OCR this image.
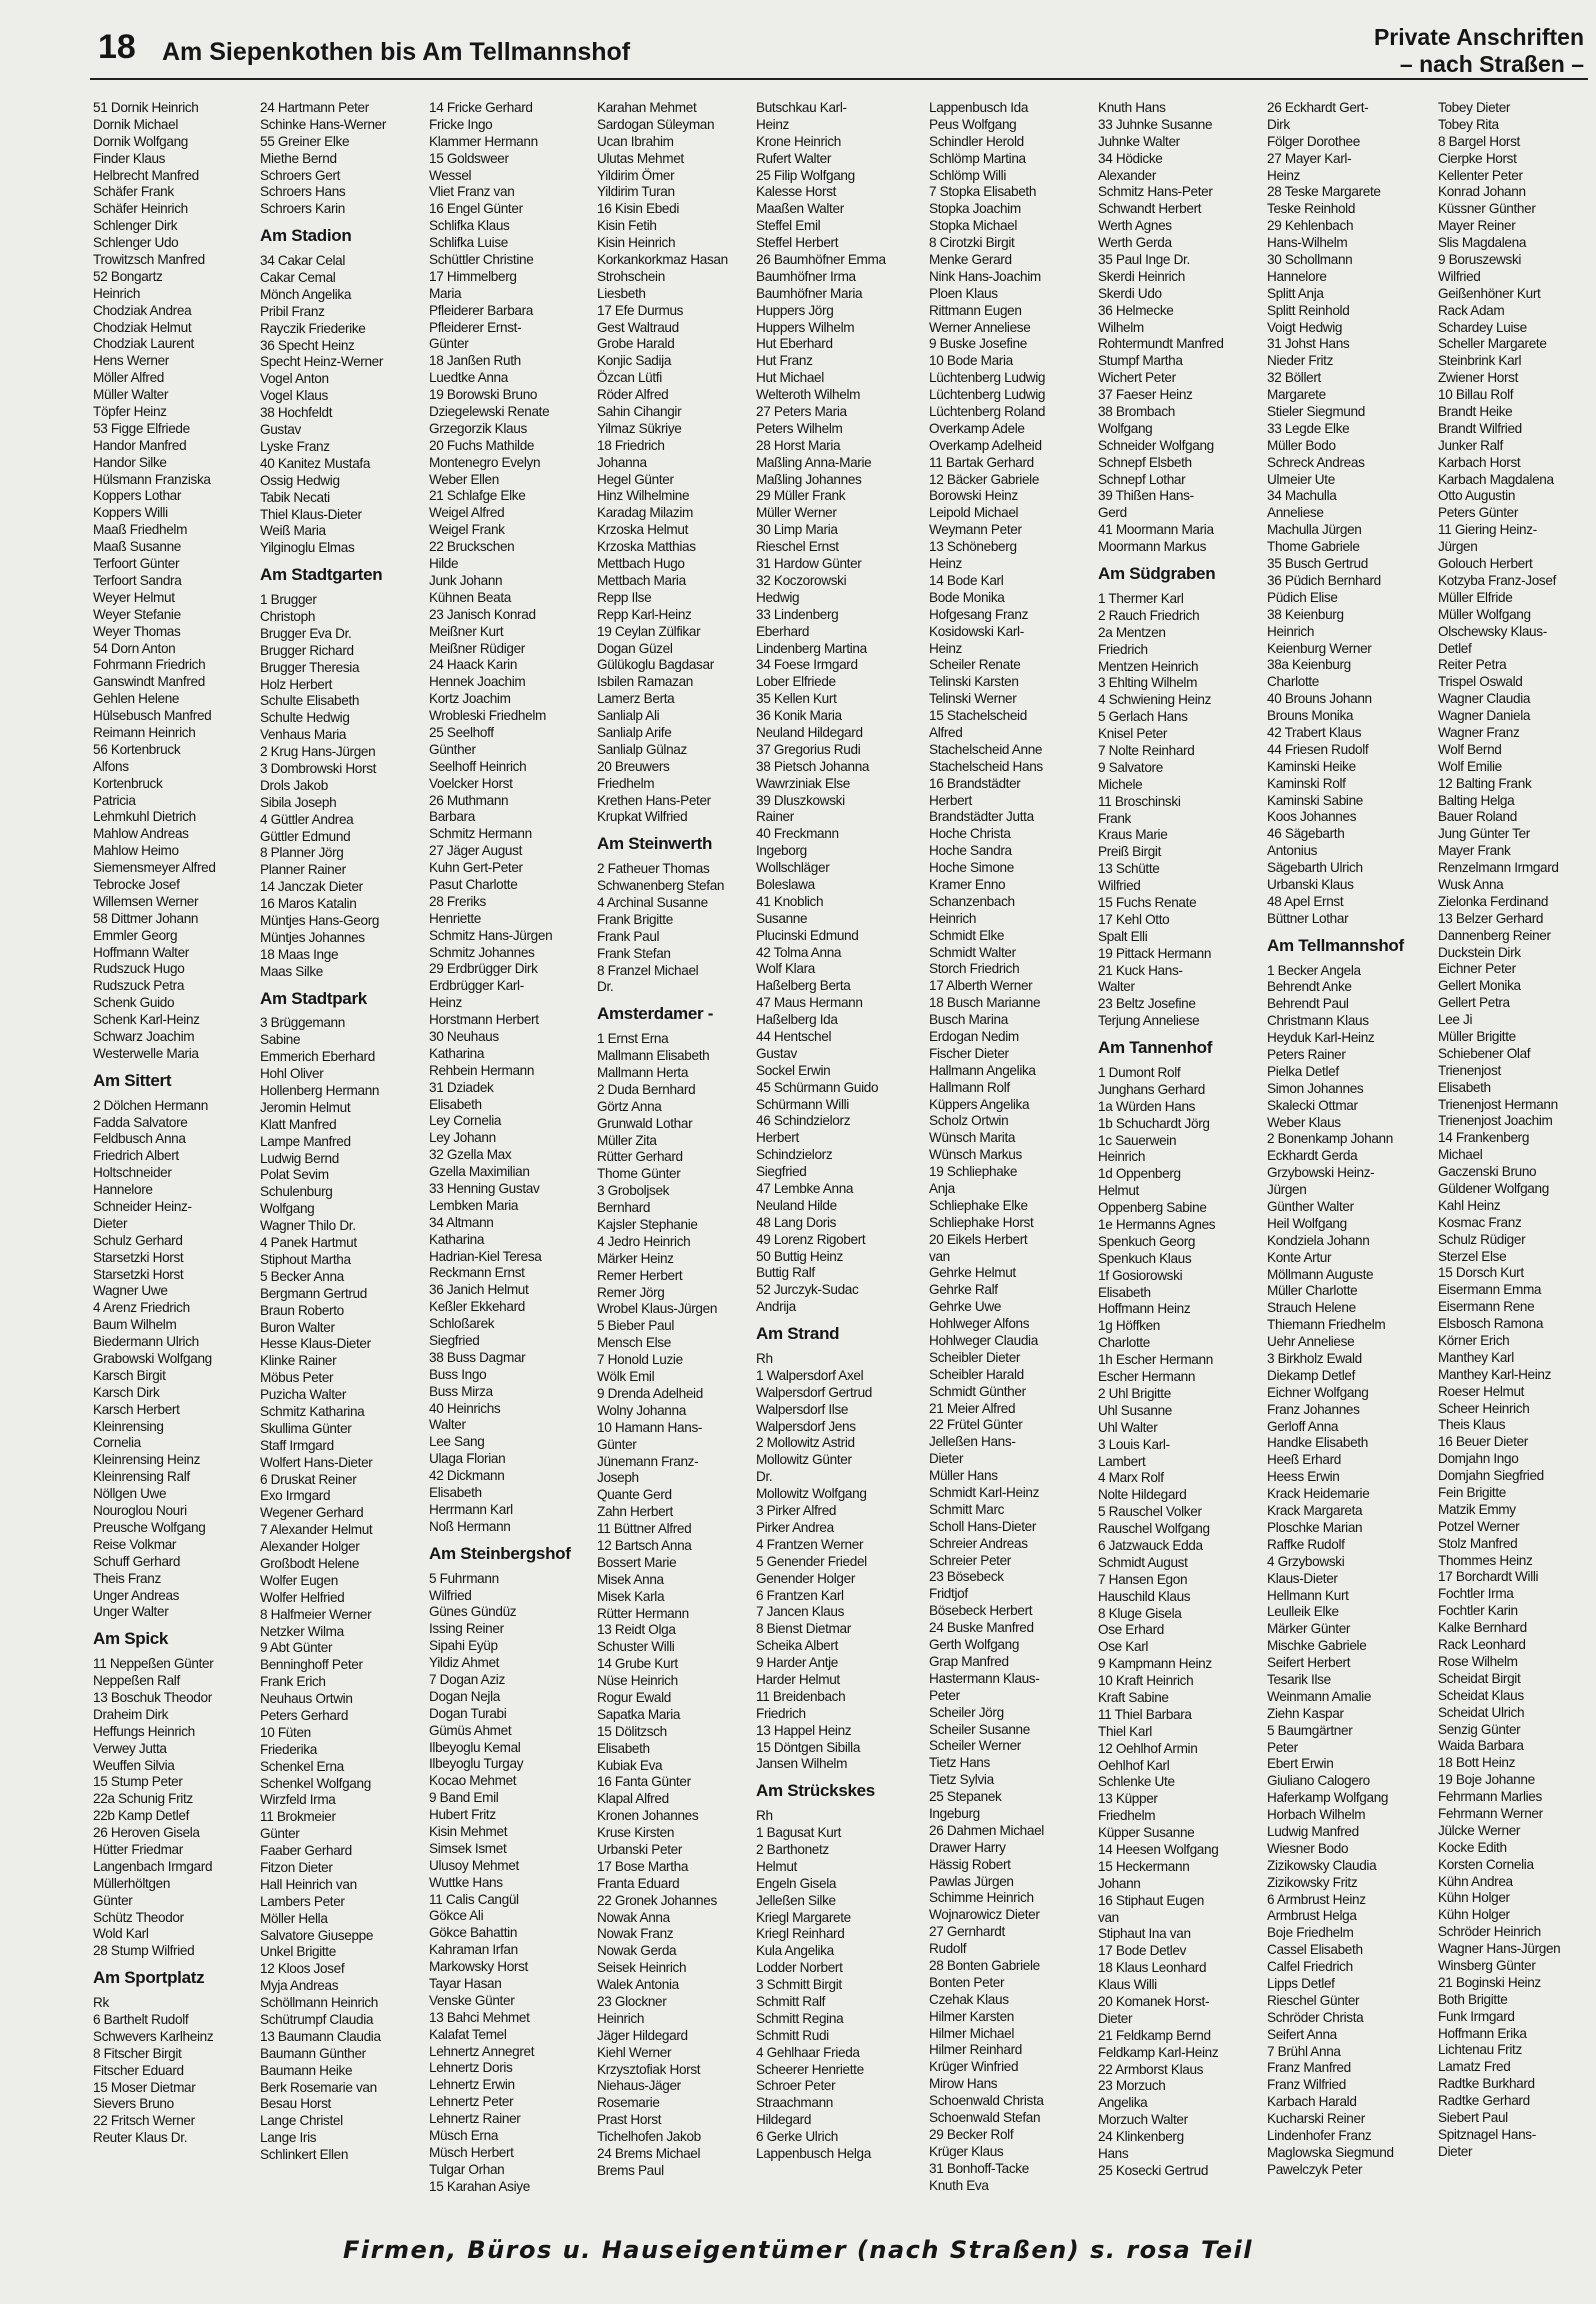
18 Am Siepenkothen bis Am Tellmannshof
Private Anschriften
– nach Straßen –
51 Dornik Heinrich
Dornik Michael
Dornik Wolfgang
Finder Klaus
Helbrecht Manfred
Schäfer Frank
Schäfer Heinrich
Schlenger Dirk
Schlenger Udo
Trowitzsch Manfred
52 Bongartz
Heinrich
Chodziak Andrea
Chodziak Helmut
Chodziak Laurent
Hens Werner
Möller Alfred
Müller Walter
Töpfer Heinz
53 Figge Elfriede
Handor Manfred
Handor Silke
Hülsmann Franziska
Koppers Lothar
Koppers Willi
Maaß Friedhelm
Maaß Susanne
Terfoort Günter
Terfoort Sandra
Weyer Helmut
Weyer Stefanie
Weyer Thomas
54 Dorn Anton
Fohrmann Friedrich
Ganswindt Manfred
Gehlen Helene
Hülsebusch Manfred
Reimann Heinrich
56 Kortenbruck
Alfons
Kortenbruck
Patricia
Lehmkuhl Dietrich
Mahlow Andreas
Mahlow Heimo
Siemensmeyer Alfred
Tebrocke Josef
Willemsen Werner
58 Dittmer Johann
Emmler Georg
Hoffmann Walter
Rudszuck Hugo
Rudszuck Petra
Schenk Guido
Schenk Karl-Heinz
Schwarz Joachim
Westerwelle Maria
Am Sittert
2 Dölchen Hermann
Fadda Salvatore
Feldbusch Anna
Friedrich Albert
Holtschneider
Hannelore
Schneider Heinz-
Dieter
Schulz Gerhard
Starsetzki Horst
Starsetzki Horst
Wagner Uwe
4 Arenz Friedrich
Baum Wilhelm
Biedermann Ulrich
Grabowski Wolfgang
Karsch Birgit
Karsch Dirk
Karsch Herbert
Kleinrensing
Cornelia
Kleinrensing Heinz
Kleinrensing Ralf
Nöllgen Uwe
Nouroglou Nouri
Preusche Wolfgang
Reise Volkmar
Schuff Gerhard
Theis Franz
Unger Andreas
Unger Walter
Am Spick
11 Neppeßen Günter
Neppeßen Ralf
13 Boschuk Theodor
Draheim Dirk
Heffungs Heinrich
Verwey Jutta
Weuffen Silvia
15 Stump Peter
22a Schunig Fritz
22b Kamp Detlef
26 Heroven Gisela
Hütter Friedmar
Langenbach Irmgard
Müllerhöltgen
Günter
Schütz Theodor
Wold Karl
28 Stump Wilfried
Am Sportplatz
Rk
6 Barthelt Rudolf
Schwevers Karlheinz
8 Fitscher Birgit
Fitscher Eduard
15 Moser Dietmar
Sievers Bruno
22 Fritsch Werner
Reuter Klaus Dr.
24 Hartmann Peter
Schinke Hans-Werner
55 Greiner Elke
Miethe Bernd
Schroers Gert
Schroers Hans
Schroers Karin
Am Stadion
34 Cakar Celal
Cakar Cemal
Mönch Angelika
Pribil Franz
Rayczik Friederike
36 Specht Heinz
Specht Heinz-Werner
Vogel Anton
Vogel Klaus
38 Hochfeldt
Gustav
Lyske Franz
40 Kanitez Mustafa
Ossig Hedwig
Tabik Necati
Thiel Klaus-Dieter
Weiß Maria
Yilginoglu Elmas
Am Stadtgarten
1 Brugger
Christoph
Brugger Eva Dr.
Brugger Richard
Brugger Theresia
Holz Herbert
Schulte Elisabeth
Schulte Hedwig
Venhaus Maria
2 Krug Hans-Jürgen
3 Dombrowski Horst
Drols Jakob
Sibila Joseph
4 Güttler Andrea
Güttler Edmund
8 Planner Jörg
Planner Rainer
14 Janczak Dieter
16 Maros Katalin
Müntjes Hans-Georg
Müntjes Johannes
18 Maas Inge
Maas Silke
Am Stadtpark
3 Brüggemann
Sabine
Emmerich Eberhard
Hohl Oliver
Hollenberg Hermann
Jeromin Helmut
Klatt Manfred
Lampe Manfred
Ludwig Bernd
Polat Sevim
Schulenburg
Wolfgang
Wagner Thilo Dr.
4 Panek Hartmut
Stiphout Martha
5 Becker Anna
Bergmann Gertrud
Braun Roberto
Buron Walter
Hesse Klaus-Dieter
Klinke Rainer
Möbus Peter
Puzicha Walter
Schmitz Katharina
Skullima Günter
Staff Irmgard
Wolfert Hans-Dieter
6 Druskat Reiner
Exo Irmgard
Wegener Gerhard
7 Alexander Helmut
Alexander Holger
Großbodt Helene
Wolfer Eugen
Wolfer Helfried
8 Halfmeier Werner
Netzker Wilma
9 Abt Günter
Benninghoff Peter
Frank Erich
Neuhaus Ortwin
Peters Gerhard
10 Füten
Friederika
Schenkel Erna
Schenkel Wolfgang
Wirzfeld Irma
11 Brokmeier
Günter
Faaber Gerhard
Fitzon Dieter
Hall Heinrich van
Lambers Peter
Möller Hella
Salvatore Giuseppe
Unkel Brigitte
12 Kloos Josef
Myja Andreas
Schöllmann Heinrich
Schütrumpf Claudia
13 Baumann Claudia
Baumann Günther
Baumann Heike
Berk Rosemarie van
Besau Horst
Lange Christel
Lange Iris
Schlinkert Ellen
14 Fricke Gerhard
Fricke Ingo
Klammer Hermann
15 Goldsweer
Wessel
Vliet Franz van
16 Engel Günter
Schlifka Klaus
Schlifka Luise
Schüttler Christine
17 Himmelberg
Maria
Pfleiderer Barbara
Pfleiderer Ernst-
Günter
18 Janßen Ruth
Luedtke Anna
19 Borowski Bruno
Dziegelewski Renate
Grzegorzik Klaus
20 Fuchs Mathilde
Montenegro Evelyn
Weber Ellen
21 Schlafge Elke
Weigel Alfred
Weigel Frank
22 Bruckschen
Hilde
Junk Johann
Kühnen Beata
23 Janisch Konrad
Meißner Kurt
Meißner Rüdiger
24 Haack Karin
Hennek Joachim
Kortz Joachim
Wrobleski Friedhelm
25 Seelhoff
Günther
Seelhoff Heinrich
Voelcker Horst
26 Muthmann
Barbara
Schmitz Hermann
27 Jäger August
Kuhn Gert-Peter
Pasut Charlotte
28 Freriks
Henriette
Schmitz Hans-Jürgen
Schmitz Johannes
29 Erdbrügger Dirk
Erdbrügger Karl-
Heinz
Horstmann Herbert
30 Neuhaus
Katharina
Rehbein Hermann
31 Dziadek
Elisabeth
Ley Cornelia
Ley Johann
32 Gzella Max
Gzella Maximilian
33 Henning Gustav
Lembken Maria
34 Altmann
Katharina
Hadrian-Kiel Teresa
Reckmann Ernst
36 Janich Helmut
Keßler Ekkehard
Schloßarek
Siegfried
38 Buss Dagmar
Buss Ingo
Buss Mirza
40 Heinrichs
Walter
Lee Sang
Ulaga Florian
42 Dickmann
Elisabeth
Herrmann Karl
Noß Hermann
Am Steinbergshof
5 Fuhrmann
Wilfried
Günes Gündüz
Issing Reiner
Sipahi Eyüp
Yildiz Ahmet
7 Dogan Aziz
Dogan Nejla
Dogan Turabi
Gümüs Ahmet
Ilbeyoglu Kemal
Ilbeyoglu Turgay
Kocao Mehmet
9 Band Emil
Hubert Fritz
Kisin Mehmet
Simsek Ismet
Ulusoy Mehmet
Wuttke Hans
11 Calis Cangül
Gökce Ali
Gökce Bahattin
Kahraman Irfan
Markowsky Horst
Tayar Hasan
Venske Günter
13 Bahci Mehmet
Kalafat Temel
Lehnertz Annegret
Lehnertz Doris
Lehnertz Erwin
Lehnertz Peter
Lehnertz Rainer
Müsch Erna
Müsch Herbert
Tulgar Orhan
15 Karahan Asiye
Karahan Mehmet
Sardogan Süleyman
Ucan Ibrahim
Ulutas Mehmet
Yildirim Ömer
Yildirim Turan
16 Kisin Ebedi
Kisin Fetih
Kisin Heinrich
Korkankorkmaz Hasan
Strohschein
Liesbeth
17 Efe Durmus
Gest Waltraud
Grobe Harald
Konjic Sadija
Özcan Lütfi
Röder Alfred
Sahin Cihangir
Yilmaz Sükriye
18 Friedrich
Johanna
Hegel Günter
Hinz Wilhelmine
Karadag Milazim
Krzoska Helmut
Krzoska Matthias
Mettbach Hugo
Mettbach Maria
Repp Ilse
Repp Karl-Heinz
19 Ceylan Zülfikar
Dogan Güzel
Gülükoglu Bagdasar
Isbilen Ramazan
Lamerz Berta
Sanlialp Ali
Sanlialp Arife
Sanlialp Gülnaz
20 Breuwers
Friedhelm
Krethen Hans-Peter
Krupkat Wilfried
Am Steinwerth
2 Fatheuer Thomas
Schwanenberg Stefan
4 Archinal Susanne
Frank Brigitte
Frank Paul
Frank Stefan
8 Franzel Michael
Dr.
Amsterdamer -
1 Ernst Erna
Mallmann Elisabeth
Mallmann Herta
2 Duda Bernhard
Görtz Anna
Grunwald Lothar
Müller Zita
Rütter Gerhard
Thome Günter
3 Groboljsek
Bernhard
Kajsler Stephanie
4 Jedro Heinrich
Märker Heinz
Remer Herbert
Remer Jörg
Wrobel Klaus-Jürgen
5 Bieber Paul
Mensch Else
7 Honold Luzie
Wölk Emil
9 Drenda Adelheid
Wolny Johanna
10 Hamann Hans-
Günter
Jünemann Franz-
Joseph
Quante Gerd
Zahn Herbert
11 Büttner Alfred
12 Bartsch Anna
Bossert Marie
Misek Anna
Misek Karla
Rütter Hermann
13 Reidt Olga
Schuster Willi
14 Grube Kurt
Nüse Heinrich
Rogur Ewald
Sapatka Maria
15 Dölitzsch
Elisabeth
Kubiak Eva
16 Fanta Günter
Klapal Alfred
Kronen Johannes
Kruse Kirsten
Urbanski Peter
17 Bose Martha
Franta Eduard
22 Gronek Johannes
Nowak Anna
Nowak Franz
Nowak Gerda
Seisek Heinrich
Walek Antonia
23 Glockner
Heinrich
Jäger Hildegard
Kiehl Werner
Krzysztofiak Horst
Niehaus-Jäger
Rosemarie
Prast Horst
Tichelhofen Jakob
24 Brems Michael
Brems Paul
Butschkau Karl-
Heinz
Krone Heinrich
Rufert Walter
25 Filip Wolfgang
Kalesse Horst
Maaßen Walter
Steffel Emil
Steffel Herbert
26 Baumhöfner Emma
Baumhöfner Irma
Baumhöfner Maria
Huppers Jörg
Huppers Wilhelm
Hut Eberhard
Hut Franz
Hut Michael
Welteroth Wilhelm
27 Peters Maria
Peters Wilhelm
28 Horst Maria
Maßling Anna-Marie
Maßling Johannes
29 Müller Frank
Müller Werner
30 Limp Maria
Rieschel Ernst
31 Hardow Günter
32 Koczorowski
Hedwig
33 Lindenberg
Eberhard
Lindenberg Martina
34 Foese Irmgard
Lober Elfriede
35 Kellen Kurt
36 Konik Maria
Neuland Hildegard
37 Gregorius Rudi
38 Pietsch Johanna
Wawrziniak Else
39 Dluszkowski
Rainer
40 Freckmann
Ingeborg
Wollschläger
Boleslawa
41 Knoblich
Susanne
Plucinski Edmund
42 Tolma Anna
Wolf Klara
Haßelberg Berta
47 Maus Hermann
Haßelberg Ida
44 Hentschel
Gustav
Sockel Erwin
45 Schürmann Guido
Schürmann Willi
46 Schindzielorz
Herbert
Schindzielorz
Siegfried
47 Lembke Anna
Neuland Hilde
48 Lang Doris
49 Lorenz Rigobert
50 Buttig Heinz
Buttig Ralf
52 Jurczyk-Sudac
Andrija
Am Strand
Rh
1 Walpersdorf Axel
Walpersdorf Gertrud
Walpersdorf Ilse
Walpersdorf Jens
2 Mollowitz Astrid
Mollowitz Günter
Dr.
Mollowitz Wolfgang
3 Pirker Alfred
Pirker Andrea
4 Frantzen Werner
5 Genender Friedel
Genender Holger
6 Frantzen Karl
7 Jancen Klaus
8 Bienst Dietmar
Scheika Albert
9 Harder Antje
Harder Helmut
11 Breidenbach
Friedrich
13 Happel Heinz
15 Döntgen Sibilla
Jansen Wilhelm
Am Strückskes
Rh
1 Bagusat Kurt
2 Barthonetz
Helmut
Engeln Gisela
Jelleßen Silke
Kriegl Margarete
Kriegl Reinhard
Kula Angelika
Lodder Norbert
3 Schmitt Birgit
Schmitt Ralf
Schmitt Regina
Schmitt Rudi
4 Gehlhaar Frieda
Scheerer Henriette
Schroer Peter
Straachmann
Hildegard
6 Gerke Ulrich
Lappenbusch Helga
Lappenbusch Ida
Peus Wolfgang
Schindler Herold
Schlömp Martina
Schlömp Willi
7 Stopka Elisabeth
Stopka Joachim
Stopka Michael
8 Cirotzki Birgit
Menke Gerard
Nink Hans-Joachim
Ploen Klaus
Rittmann Eugen
Werner Anneliese
9 Buske Josefine
10 Bode Maria
Lüchtenberg Ludwig
Lüchtenberg Ludwig
Lüchtenberg Roland
Overkamp Adele
Overkamp Adelheid
11 Bartak Gerhard
12 Bäcker Gabriele
Borowski Heinz
Leipold Michael
Weymann Peter
13 Schöneberg
Heinz
14 Bode Karl
Bode Monika
Hofgesang Franz
Kosidowski Karl-
Heinz
Scheiler Renate
Telinski Karsten
Telinski Werner
15 Stachelscheid
Alfred
Stachelscheid Anne
Stachelscheid Hans
16 Brandstädter
Herbert
Brandstädter Jutta
Hoche Christa
Hoche Sandra
Hoche Simone
Kramer Enno
Schanzenbach
Heinrich
Schmidt Elke
Schmidt Walter
Storch Friedrich
17 Alberth Werner
18 Busch Marianne
Busch Marina
Erdogan Nedim
Fischer Dieter
Hallmann Angelika
Hallmann Rolf
Küppers Angelika
Scholz Ortwin
Wünsch Marita
Wünsch Markus
19 Schliephake
Anja
Schliephake Elke
Schliephake Horst
20 Eikels Herbert
van
Gehrke Helmut
Gehrke Ralf
Gehrke Uwe
Hohlweger Alfons
Hohlweger Claudia
Scheibler Dieter
Scheibler Harald
Schmidt Günther
21 Meier Alfred
22 Frütel Günter
Jelleßen Hans-
Dieter
Müller Hans
Schmidt Karl-Heinz
Schmitt Marc
Scholl Hans-Dieter
Schreier Andreas
Schreier Peter
23 Bösebeck
Fridtjof
Bösebeck Herbert
24 Buske Manfred
Gerth Wolfgang
Grap Manfred
Hastermann Klaus-
Peter
Scheiler Jörg
Scheiler Susanne
Scheiler Werner
Tietz Hans
Tietz Sylvia
25 Stepanek
Ingeburg
26 Dahmen Michael
Drawer Harry
Hässig Robert
Pawlas Jürgen
Schimme Heinrich
Wojnarowicz Dieter
27 Gernhardt
Rudolf
28 Bonten Gabriele
Bonten Peter
Czehak Klaus
Hilmer Karsten
Hilmer Michael
Hilmer Reinhard
Krüger Winfried
Mirow Hans
Schoenwald Christa
Schoenwald Stefan
29 Becker Rolf
Krüger Klaus
31 Bonhoff-Tacke
Knuth Eva
Knuth Hans
33 Juhnke Susanne
Juhnke Walter
34 Hödicke
Alexander
Schmitz Hans-Peter
Schwandt Herbert
Werth Agnes
Werth Gerda
35 Paul Inge Dr.
Skerdi Heinrich
Skerdi Udo
36 Helmecke
Wilhelm
Rohtermundt Manfred
Stumpf Martha
Wichert Peter
37 Faeser Heinz
38 Brombach
Wolfgang
Schneider Wolfgang
Schnepf Elsbeth
Schnepf Lothar
39 Thißen Hans-
Gerd
41 Moormann Maria
Moormann Markus
Am Südgraben
1 Thermer Karl
2 Rauch Friedrich
2a Mentzen
Friedrich
Mentzen Heinrich
3 Ehlting Wilhelm
4 Schwiening Heinz
5 Gerlach Hans
Knisel Peter
7 Nolte Reinhard
9 Salvatore
Michele
11 Broschinski
Frank
Kraus Marie
Preiß Birgit
13 Schütte
Wilfried
15 Fuchs Renate
17 Kehl Otto
Spalt Elli
19 Pittack Hermann
21 Kuck Hans-
Walter
23 Beltz Josefine
Terjung Anneliese
Am Tannenhof
1 Dumont Rolf
Junghans Gerhard
1a Würden Hans
1b Schuchardt Jörg
1c Sauerwein
Heinrich
1d Oppenberg
Helmut
Oppenberg Sabine
1e Hermanns Agnes
Spenkuch Georg
Spenkuch Klaus
1f Gosiorowski
Elisabeth
Hoffmann Heinz
1g Höffken
Charlotte
1h Escher Hermann
Escher Hermann
2 Uhl Brigitte
Uhl Susanne
Uhl Walter
3 Louis Karl-
Lambert
4 Marx Rolf
Nolte Hildegard
5 Rauschel Volker
Rauschel Wolfgang
6 Jatzwauck Edda
Schmidt August
7 Hansen Egon
Hauschild Klaus
8 Kluge Gisela
Ose Erhard
Ose Karl
9 Kampmann Heinz
10 Kraft Heinrich
Kraft Sabine
11 Thiel Barbara
Thiel Karl
12 Oehlhof Armin
Oehlhof Karl
Schlenke Ute
13 Küpper
Friedhelm
Küpper Susanne
14 Heesen Wolfgang
15 Heckermann
Johann
16 Stiphaut Eugen
van
Stiphaut Ina van
17 Bode Detlev
18 Klaus Leonhard
Klaus Willi
20 Komanek Horst-
Dieter
21 Feldkamp Bernd
Feldkamp Karl-Heinz
22 Armborst Klaus
23 Morzuch
Angelika
Morzuch Walter
24 Klinkenberg
Hans
25 Kosecki Gertrud
26 Eckhardt Gert-
Dirk
Fölger Dorothee
27 Mayer Karl-
Heinz
28 Teske Margarete
Teske Reinhold
29 Kehlenbach
Hans-Wilhelm
30 Schollmann
Hannelore
Splitt Anja
Splitt Reinhold
Voigt Hedwig
31 Johst Hans
Nieder Fritz
32 Böllert
Margarete
Stieler Siegmund
33 Legde Elke
Müller Bodo
Schreck Andreas
Ulmeier Ute
34 Machulla
Anneliese
Machulla Jürgen
Thome Gabriele
35 Busch Gertrud
36 Püdich Bernhard
Püdich Elise
38 Keienburg
Heinrich
Keienburg Werner
38a Keienburg
Charlotte
40 Brouns Johann
Brouns Monika
42 Trabert Klaus
44 Friesen Rudolf
Kaminski Heike
Kaminski Rolf
Kaminski Sabine
Koos Johannes
46 Sägebarth
Antonius
Sägebarth Ulrich
Urbanski Klaus
48 Apel Ernst
Büttner Lothar
Am Tellmannshof
1 Becker Angela
Behrendt Anke
Behrendt Paul
Christmann Klaus
Heyduk Karl-Heinz
Peters Rainer
Pielka Detlef
Simon Johannes
Skalecki Ottmar
Weber Klaus
2 Bonenkamp Johann
Eckhardt Gerda
Grzybowski Heinz-
Jürgen
Günther Walter
Heil Wolfgang
Kondziela Johann
Konte Artur
Möllmann Auguste
Müller Charlotte
Strauch Helene
Thiemann Friedhelm
Uehr Anneliese
3 Birkholz Ewald
Diekamp Detlef
Eichner Wolfgang
Franz Johannes
Gerloff Anna
Handke Elisabeth
Heeß Erhard
Heess Erwin
Krack Heidemarie
Krack Margareta
Ploschke Marian
Raffke Rudolf
4 Grzybowski
Klaus-Dieter
Hellmann Kurt
Leulleik Elke
Märker Günter
Mischke Gabriele
Seifert Herbert
Tesarik Ilse
Weinmann Amalie
Ziehn Kaspar
5 Baumgärtner
Peter
Ebert Erwin
Giuliano Calogero
Haferkamp Wolfgang
Horbach Wilhelm
Ludwig Manfred
Wiesner Bodo
Zizikowsky Claudia
Zizikowsky Fritz
6 Armbrust Heinz
Armbrust Helga
Boje Friedhelm
Cassel Elisabeth
Calfel Friedrich
Lipps Detlef
Rieschel Günter
Schröder Christa
Seifert Anna
7 Brühl Anna
Franz Manfred
Franz Wilfried
Karbach Harald
Kucharski Reiner
Lindenhofer Franz
Maglowska Siegmund
Pawelczyk Peter
Tobey Dieter
Tobey Rita
8 Bargel Horst
Cierpke Horst
Kellenter Peter
Konrad Johann
Küssner Günther
Mayer Reiner
Slis Magdalena
9 Boruszewski
Wilfried
Geißenhöner Kurt
Rack Adam
Schardey Luise
Scheller Margarete
Steinbrink Karl
Zwiener Horst
10 Billau Rolf
Brandt Heike
Brandt Wilfried
Junker Ralf
Karbach Horst
Karbach Magdalena
Otto Augustin
Peters Günter
11 Giering Heinz-
Jürgen
Golouch Herbert
Kotzyba Franz-Josef
Müller Elfride
Müller Wolfgang
Olschewsky Klaus-
Detlef
Reiter Petra
Trispel Oswald
Wagner Claudia
Wagner Daniela
Wagner Franz
Wolf Bernd
Wolf Emilie
12 Balting Frank
Balting Helga
Bauer Roland
Jung Günter Ter
Mayer Frank
Renzelmann Irmgard
Wusk Anna
Zielonka Ferdinand
13 Belzer Gerhard
Dannenberg Reiner
Duckstein Dirk
Eichner Peter
Gellert Monika
Gellert Petra
Lee Ji
Müller Brigitte
Schiebener Olaf
Trienenjost
Elisabeth
Trienenjost Hermann
Trienenjost Joachim
14 Frankenberg
Michael
Gaczenski Bruno
Güldener Wolfgang
Kahl Heinz
Kosmac Franz
Schulz Rüdiger
Sterzel Else
15 Dorsch Kurt
Eisermann Emma
Eisermann Rene
Elsbosch Ramona
Körner Erich
Manthey Karl
Manthey Karl-Heinz
Roeser Helmut
Scheer Heinrich
Theis Klaus
16 Beuer Dieter
Domjahn Ingo
Domjahn Siegfried
Fein Brigitte
Matzik Emmy
Potzel Werner
Stolz Manfred
Thommes Heinz
17 Borchardt Willi
Fochtler Irma
Fochtler Karin
Kalke Bernhard
Rack Leonhard
Rose Wilhelm
Scheidat Birgit
Scheidat Klaus
Scheidat Ulrich
Senzig Günter
Waida Barbara
18 Bott Heinz
19 Boje Johanne
Fehrmann Marlies
Fehrmann Werner
Jülcke Werner
Kocke Edith
Korsten Cornelia
Kühn Andrea
Kühn Holger
Kühn Holger
Schröder Heinrich
Wagner Hans-Jürgen
Winsberg Günter
21 Boginski Heinz
Both Brigitte
Funk Irmgard
Hoffmann Erika
Lichtenau Fritz
Lamatz Fred
Radtke Burkhard
Radtke Gerhard
Siebert Paul
Spitznagel Hans-
Dieter
Firmen, Büros u. Hauseigentümer (nach Straßen) s. rosa Teil
